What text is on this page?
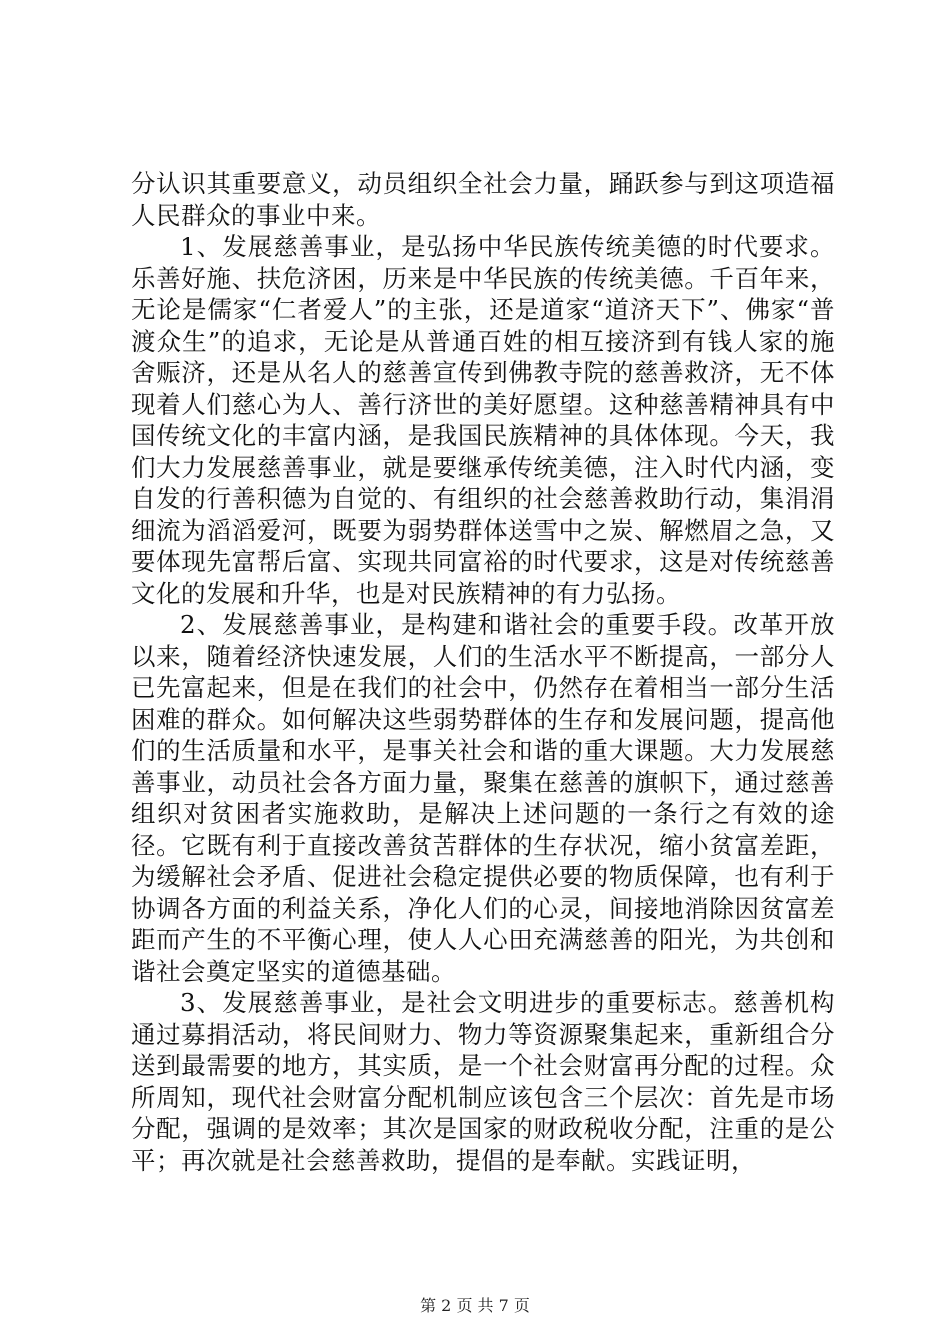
分认识其重要意义，动员组织全社会力量，踊跃参与到这项造福人民群众的事业中来。

1、发展慈善事业，是弘扬中华民族传统美德的时代要求。乐善好施、扶危济困，历来是中华民族的传统美德。千百年来，无论是儒家“仁者爱人”的主张，还是道家“道济天下”、佛家“普渡众生”的追求，无论是从普通百姓的相互接济到有钱人家的施舍赈济，还是从名人的慈善宣传到佛教寺院的慈善救济，无不体现着人们慈心为人、善行济世的美好愿望。这种慈善精神具有中国传统文化的丰富内涵，是我国民族精神的具体体现。今天，我们大力发展慈善事业，就是要继承传统美德，注入时代内涵，变自发的行善积德为自觉的、有组织的社会慈善救助行动，集涓涓细流为滔滔爱河，既要为弱势群体送雪中之炭、解燃眉之急，又要体现先富帮后富、实现共同富裕的时代要求，这是对传统慈善文化的发展和升华，也是对民族精神的有力弘扬。

2、发展慈善事业，是构建和谐社会的重要手段。改革开放以来，随着经济快速发展，人们的生活水平不断提高，一部分人已先富起来，但是在我们的社会中，仍然存在着相当一部分生活困难的群众。如何解决这些弱势群体的生存和发展问题，提高他们的生活质量和水平，是事关社会和谐的重大课题。大力发展慈善事业，动员社会各方面力量，聚集在慈善的旗帜下，通过慈善组织对贫困者实施救助，是解决上述问题的一条行之有效的途径。它既有利于直接改善贫苦群体的生存状况，缩小贫富差距，为缓解社会矛盾、促进社会稳定提供必要的物质保障，也有利于协调各方面的利益关系，净化人们的心灵，间接地消除因贫富差距而产生的不平衡心理，使人人心田充满慈善的阳光，为共创和谐社会奠定坚实的道德基础。

3、发展慈善事业，是社会文明进步的重要标志。慈善机构通过募捐活动，将民间财力、物力等资源聚集起来，重新组合分送到最需要的地方，其实质，是一个社会财富再分配的过程。众所周知，现代社会财富分配机制应该包含三个层次：首先是市场分配，强调的是效率；其次是国家的财政税收分配，注重的是公平；再次就是社会慈善救助，提倡的是奉献。实践证明，

第 2 页 共 7 页
